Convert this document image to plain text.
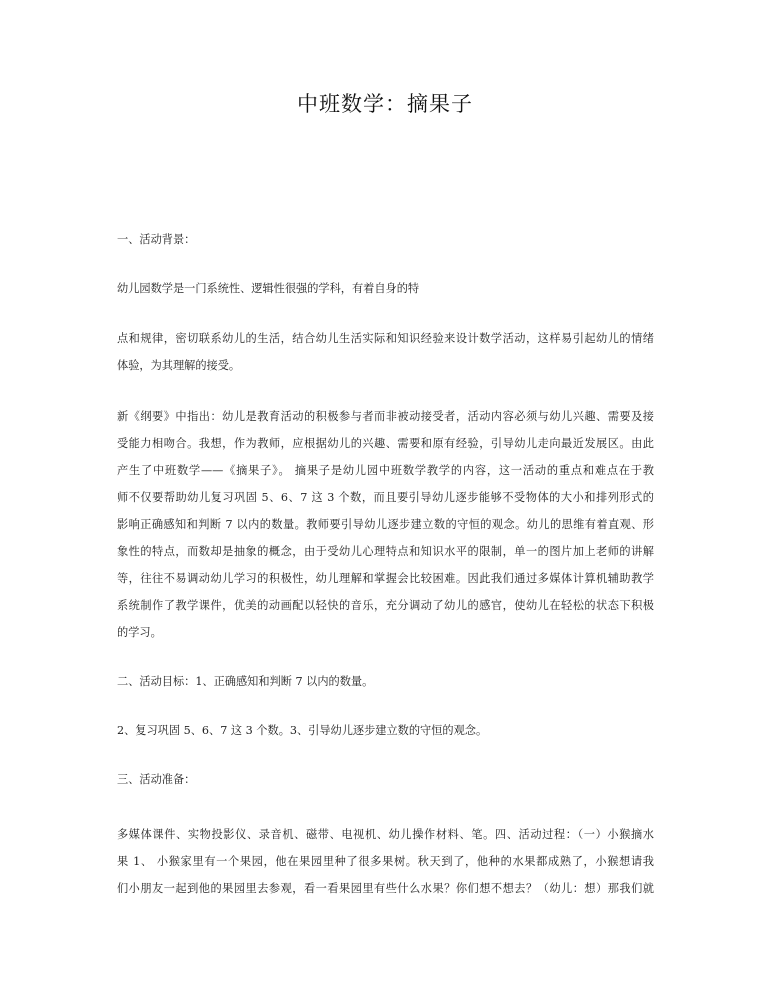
中班数学：摘果子
一、活动背景：
幼儿园数学是一门系统性、逻辑性很强的学科，有着自身的特
点和规律，密切联系幼儿的生活，结合幼儿生活实际和知识经验来设计数学活动，这样易引起幼儿的情绪
体验，为其理解的接受。
新《纲要》中指出：幼儿是教育活动的积极参与者而非被动接受者，活动内容必须与幼儿兴趣、需要及接
受能力相吻合。我想，作为教师，应根据幼儿的兴趣、需要和原有经验，引导幼儿走向最近发展区。由此
产生了中班数学——《摘果子》。 摘果子是幼儿园中班数学教学的内容，这一活动的重点和难点在于教
师不仅要帮助幼儿复习巩固 5、6、7 这 3 个数，而且要引导幼儿逐步能够不受物体的大小和排列形式的
影响正确感知和判断 7 以内的数量。教师要引导幼儿逐步建立数的守恒的观念。幼儿的思维有着直观、形
象性的特点，而数却是抽象的概念，由于受幼儿心理特点和知识水平的限制，单一的图片加上老师的讲解
等，往往不易调动幼儿学习的积极性，幼儿理解和掌握会比较困难。因此我们通过多媒体计算机辅助教学
系统制作了教学课件，优美的动画配以轻快的音乐，充分调动了幼儿的感官，使幼儿在轻松的状态下积极
的学习。
二、活动目标：1、正确感知和判断 7 以内的数量。
2、复习巩固 5、6、7 这 3 个数。3、引导幼儿逐步建立数的守恒的观念。
三、活动准备：
多媒体课件、实物投影仪、录音机、磁带、电视机、幼儿操作材料、笔。四、活动过程：（一）小猴摘水
果 1、 小猴家里有一个果园，他在果园里种了很多果树。秋天到了，他种的水果都成熟了，小猴想请我
们小朋友一起到他的果园里去参观，看一看果园里有些什么水果？你们想不想去？（幼儿：想）那我们就
